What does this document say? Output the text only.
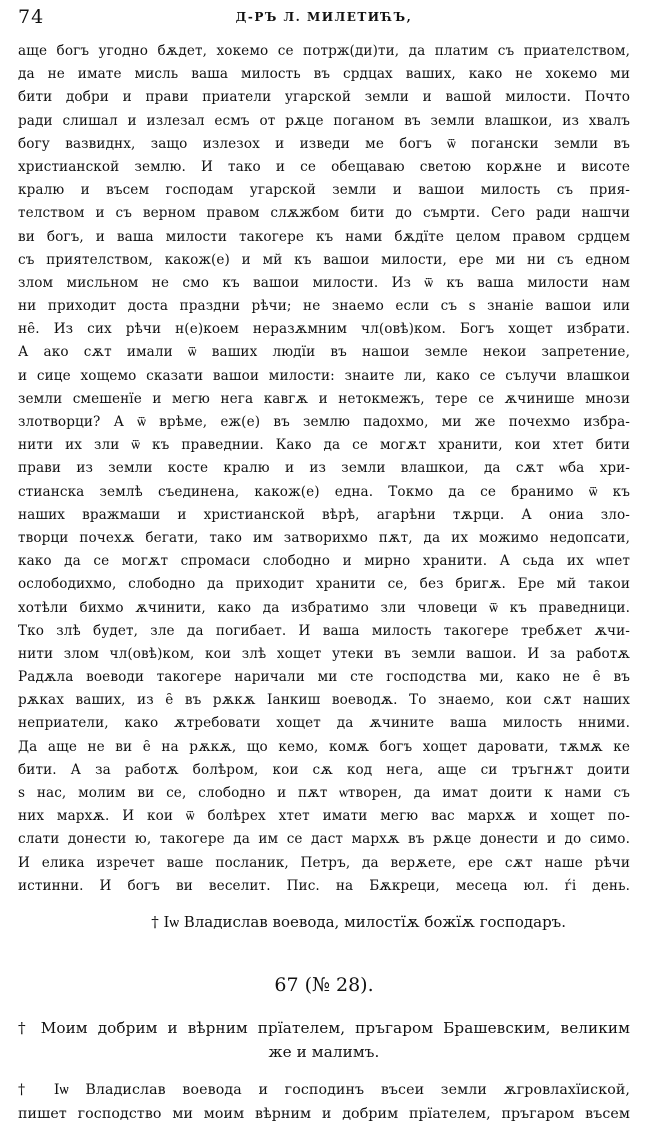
74	Д-РЪ Л. МИЛЕТИЋЪ,
аще богъ угодно бѫдет, хокемо се потрж(ди)ти, да платим съ приателством,
да не имате мисль ваша милость въ срдцах ваших, како не хокемо ми
бити добри и прави приатели угарской земли и вашой милости. Почто
ради слишал и излезал есмъ от рѫце поганом въ земли влашкои, из хвалъ
богу вазвиднх, защо излезох и изведи ме богъ ѿ погански земли въ
христианской землю. И тако и се обещаваю светою корѫне и висоте
кралю и въсем господам угарской земли и вашои милость съ прия-
телством и съ верном правом слѫжбом бити до съмрти. Сего ради нашчи
ви богъ, и ваша милости такогере къ нами бѫдїте целом правом срдцем
съ приятелством, какож(е) и мй къ вашои милости, ере ми ни съ едном
злом мисльном не смо къ вашои милости. Из ѿ къ ваша милости нам
ни приходит доста праздни рѣчи; не знаемо если съ ѕ знаніе вашои или
не̑. Из сих рѣчи н(е)коем неразѫмним чл(овѣ)ком. Богъ хощет избрати.
А ако сѫт имали ѿ ваших людїи въ нашои земле некои запретение,
и сице хощемо сказати вашои милости: знаите ли, како се сълучи влашкои
земли смешенїе и мегю нега кавгѫ и нетокмежъ, тере се ѫчинише мнози
злотворци? А ѿ врѣме, еж(е) въ землю падохмо, ми же почехмо избра-
нити их зли ѿ къ праведнии. Како да се могѫт хранити, кои хтет бити
прави из земли косте кралю и из земли влашкои, да сѫт ѡба хри-
стианска землѣ съединена, какож(е) една. Токмо да се бранимо ѿ къ
наших вражмаши и христианской вѣрѣ, агарѣни тѫрци. А ониа зло-
творци почехѫ бегати, тако им затворихмо пѫт, да их можимо недопсати,
како да се могѫт спромаси слободно и мирно хранити. А сьда их ѡпет
ослободихмо, слободно да приходит хранити се, без бригѫ. Ере мй такои
хотѣли бихмо ѫчинити, како да избратимо зли чловеци ѿ къ праведници.
Тко злѣ будет, зле да погибает. И ваша милость такогере требѫет ѫчи-
нити злом чл(овѣ)ком, кои злѣ хощет утеки въ земли вашои. И за работѫ
Радѫла воеводи такогере наричали ми сте господства ми, како не е̑ въ
рѫках ваших, из е̑ въ рѫкѫ Іанкиш воеводѫ. То знаемо, кои сѫт наших
неприатели, како ѫтребовати хощет да ѫчините ваша милость нними.
Да аще не ви е̑ на рѫкѫ, що кемо, комѫ богъ хощет даровати, тѫмѫ ке
бити. А за работѫ болѣром, кои сѫ код нега, аще си тръгнѫт доити
ѕ нас, молим ви се, слободно и пѫт ѡтворен, да имат доити к нами съ
них мархѫ. И кои ѿ болѣрех хтет имати мегю вас мархѫ и хощет по-
слати донести ю, такогере да им се даст мархѫ въ рѫце донести и до симо.
И елика изречет ваше посланик, Петръ, да верѫете, ере сѫт наше рѣчи
истинни. И богъ ви веселит. Пис. на Бѫкреци, месеца юл. ѓі день.
† Іѡ Владислав воевода, милостїѫ божїѫ господаръ.
67 (№ 28).
† Моим добрим и вѣрним прїателем, пръгаром Брашевским, великим
же и малимъ.
† Іѡ Владислав воевода и господинъ въсеи земли ѫгровлахїиской,
пишет господство ми моим вѣрним и добрим прїателем, пръгаром въсем
